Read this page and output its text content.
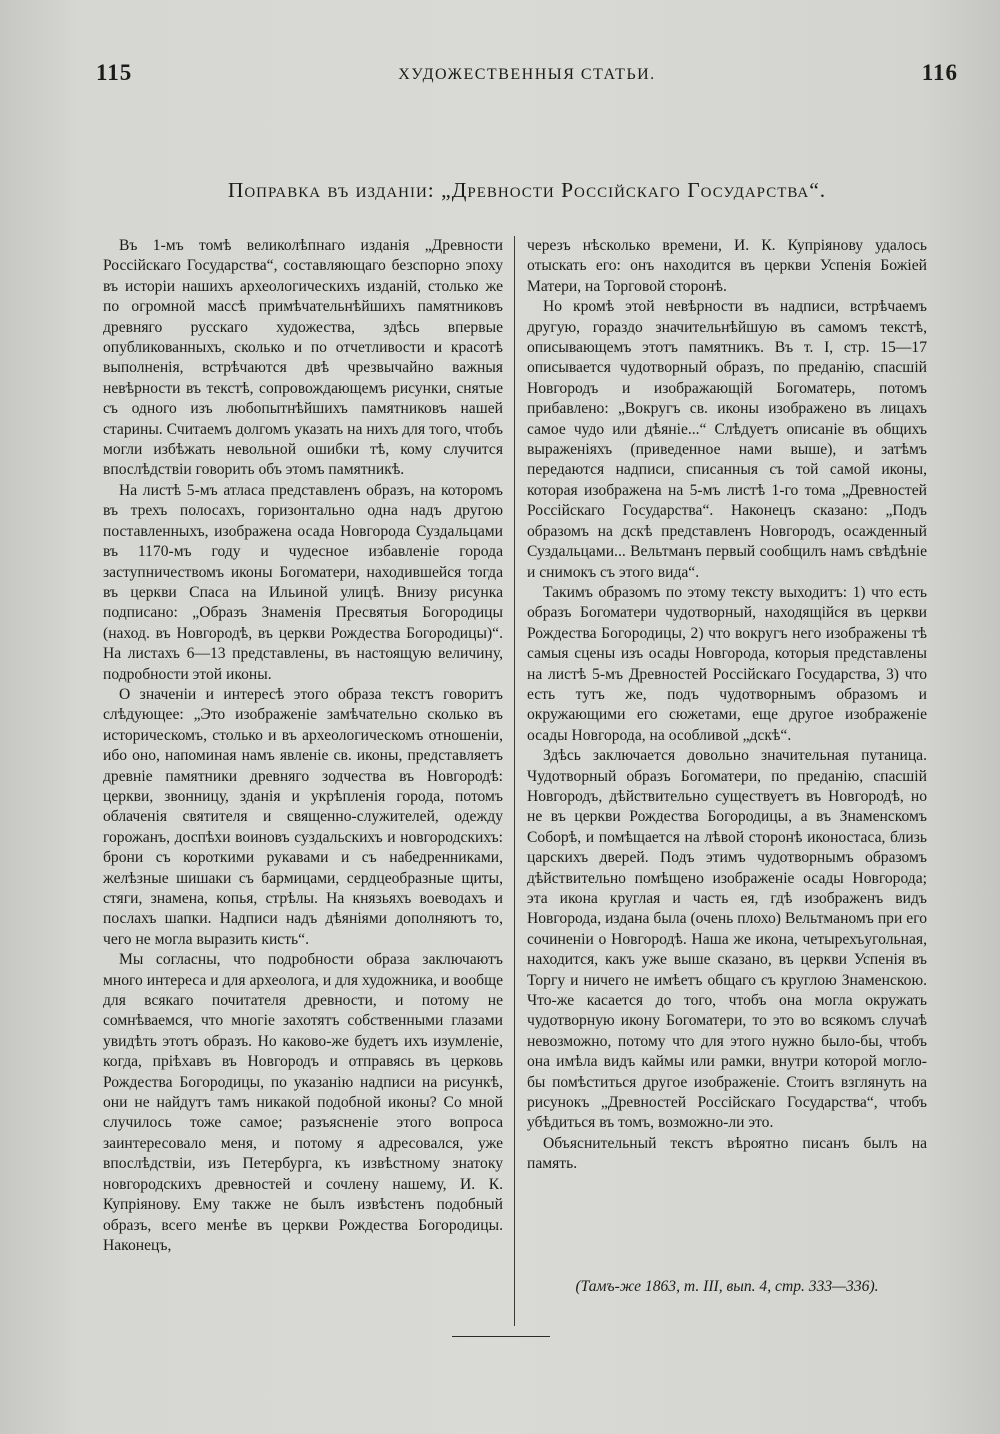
115	ХУДОЖЕСТВЕННЫЯ СТАТЬИ.	116
Поправка въ изданіи: „Древности Россійскаго Государства“.

Въ 1-мъ томѣ великолѣпнаго изданія „Древности Россійскаго Государства“, составляющаго безспорно эпоху въ исторіи нашихъ археологическихъ изданій, столько же по огромной массѣ примѣчательнѣйшихъ памятниковъ древняго русскаго художества, здѣсь впервые опубликованныхъ, сколько и по отчетливости и красотѣ выполненія, встрѣчаются двѣ чрезвычайно важныя невѣрности въ текстѣ, сопровождающемъ рисунки, снятые съ одного изъ любопытнѣйшихъ памятниковъ нашей старины. Считаемъ долгомъ указать на нихъ для того, чтобъ могли избѣжать невольной ошибки тѣ, кому случится впослѣдствіи говорить объ этомъ памятникѣ.

На листѣ 5-мъ атласа представленъ образъ, на которомъ въ трехъ полосахъ, горизонтально одна надъ другою поставленныхъ, изображена осада Новгорода Суздальцами въ 1170-мъ году и чудесное избавленіе города заступничествомъ иконы Богоматери, находившейся тогда въ церкви Спаса на Ильиной улицѣ. Внизу рисунка подписано: „Образъ Знаменія Пресвятыя Богородицы (наход. въ Новгородѣ, въ церкви Рождества Богородицы)“. На листахъ 6—13 представлены, въ настоящую величину, подробности этой иконы.

О значеніи и интересѣ этого образа текстъ говоритъ слѣдующее: „Это изображеніе замѣчательно сколько въ историческомъ, столько и въ археологическомъ отношеніи, ибо оно, напоминая намъ явленіе св. иконы, представляетъ древніе памятники древняго зодчества въ Новгородѣ: церкви, звонницу, зданія и укрѣпленія города, потомъ облаченія святителя и священно-служителей, одежду горожанъ, доспѣхи воиновъ суздальскихъ и новгородскихъ: брони съ короткими рукавами и съ набедренниками, желѣзные шишаки съ бармицами, сердцеобразные щиты, стяги, знамена, копья, стрѣлы. На князьяхъ воеводахъ и послахъ шапки. Надписи надъ дѣяніями дополняютъ то, чего не могла выразить кисть“.

Мы согласны, что подробности образа заключаютъ много интереса и для археолога, и для художника, и вообще для всякаго почитателя древности, и потому не сомнѣваемся, что многіе захотятъ собственными глазами увидѣть этотъ образъ. Но каково-же будетъ ихъ изумленіе, когда, пріѣхавъ въ Новгородъ и отправясь въ церковь Рождества Богородицы, по указанію надписи на рисункѣ, они не найдутъ тамъ никакой подобной иконы? Со мной случилось тоже самое; разъясненіе этого вопроса заинтересовало меня, и потому я адресовался, уже впослѣдствіи, изъ Петербурга, къ извѣстному знатоку новгородскихъ древностей и сочлену нашему, И. К. Купріянову. Ему также не былъ извѣстенъ подобный образъ, всего менѣе въ церкви Рождества Богородицы. Наконецъ,

черезъ нѣсколько времени, И. К. Купріянову удалось отыскать его: онъ находится въ церкви Успенія Божіей Матери, на Торговой сторонѣ.

Но кромѣ этой невѣрности въ надписи, встрѣчаемъ другую, гораздо значительнѣйшую въ самомъ текстѣ, описывающемъ этотъ памятникъ. Въ т. I, стр. 15—17 описывается чудотворный образъ, по преданію, спасшій Новгородъ и изображающій Богоматерь, потомъ прибавлено: „Вокругъ св. иконы изображено въ лицахъ самое чудо или дѣяніе...“ Слѣдуетъ описаніе въ общихъ выраженіяхъ (приведенное нами выше), и затѣмъ передаются надписи, списанныя съ той самой иконы, которая изображена на 5-мъ листѣ 1-го тома „Древностей Россійскаго Государства“. Наконецъ сказано: „Подъ образомъ на дскѣ представленъ Новгородъ, осажденный Суздальцами... Вельтманъ первый сообщилъ намъ свѣдѣніе и снимокъ съ этого вида“.

Такимъ образомъ по этому тексту выходитъ: 1) что есть образъ Богоматери чудотворный, находящійся въ церкви Рождества Богородицы, 2) что вокругъ него изображены тѣ самыя сцены изъ осады Новгорода, которыя представлены на листѣ 5-мъ Древностей Россійскаго Государства, 3) что есть тутъ же, подъ чудотворнымъ образомъ и окружающими его сюжетами, еще другое изображеніе осады Новгорода, на особливой „дскѣ“.

Здѣсь заключается довольно значительная путаница. Чудотворный образъ Богоматери, по преданію, спасшій Новгородъ, дѣйствительно существуетъ въ Новгородѣ, но не въ церкви Рождества Богородицы, а въ Знаменскомъ Соборѣ, и помѣщается на лѣвой сторонѣ иконостаса, близь царскихъ дверей. Подъ этимъ чудотворнымъ образомъ дѣйствительно помѣщено изображеніе осады Новгорода; эта икона круглая и часть ея, гдѣ изображенъ видъ Новгорода, издана была (очень плохо) Вельтманомъ при его сочиненіи о Новгородѣ. Наша же икона, четырехъугольная, находится, какъ уже выше сказано, въ церкви Успенія въ Торгу и ничего не имѣетъ общаго съ круглою Знаменскою. Что-же касается до того, чтобъ она могла окружать чудотворную икону Богоматери, то это во всякомъ случаѣ невозможно, потому что для этого нужно было-бы, чтобъ она имѣла видъ каймы или рамки, внутри которой могло-бы помѣститься другое изображеніе. Стоитъ взглянуть на рисунокъ „Древностей Россійскаго Государства“, чтобъ убѣдиться въ томъ, возможно-ли это.

Объяснительный текстъ вѣроятно писанъ былъ на память.

(Тамъ-же 1863, т. III, вып. 4, стр. 333—336).
